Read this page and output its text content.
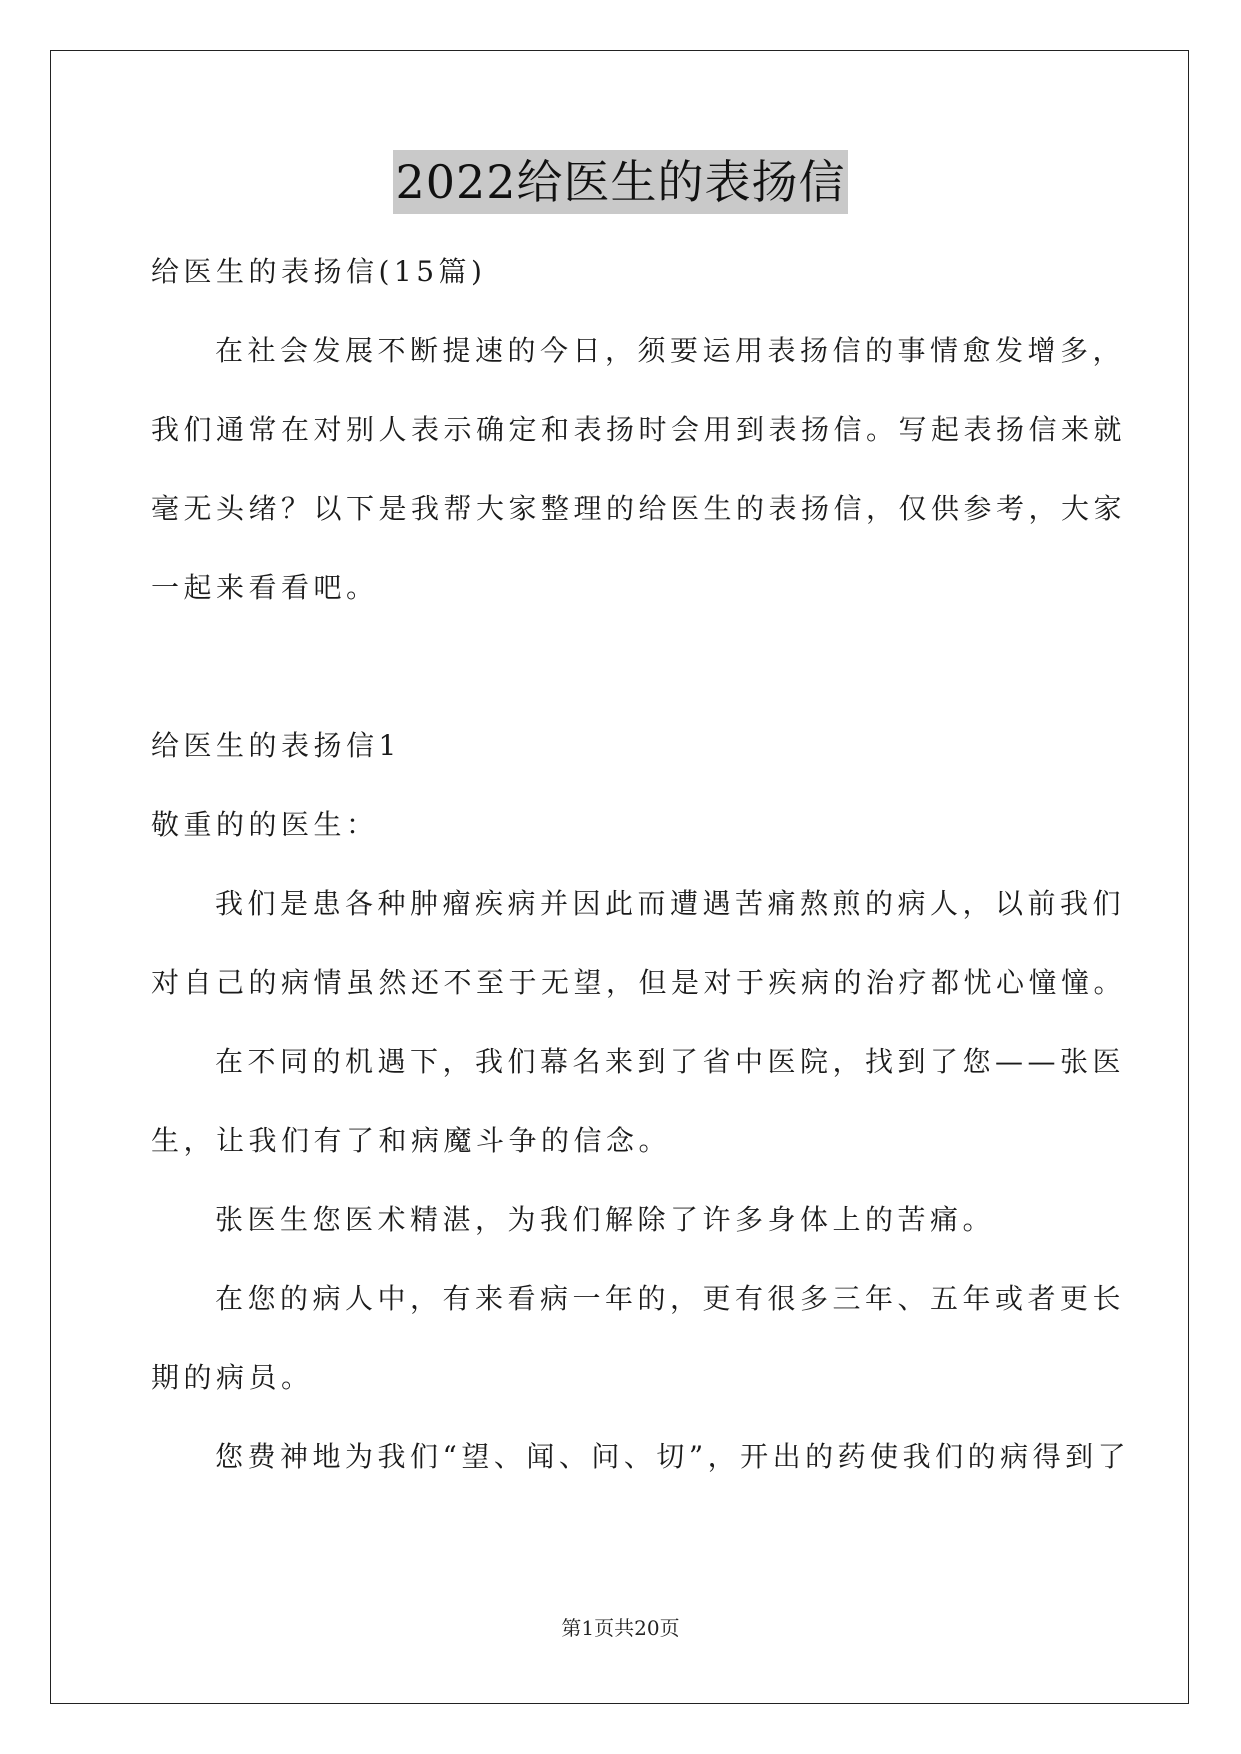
2022给医生的表扬信

给医生的表扬信(15篇)

在社会发展不断提速的今日，须要运用表扬信的事情愈发增多，

我们通常在对别人表示确定和表扬时会用到表扬信。写起表扬信来就

毫无头绪？以下是我帮大家整理的给医生的表扬信，仅供参考，大家

一起来看看吧。

给医生的表扬信1

敬重的的医生：

我们是患各种肿瘤疾病并因此而遭遇苦痛熬煎的病人，以前我们

对自己的病情虽然还不至于无望，但是对于疾病的治疗都忧心憧憧。

在不同的机遇下，我们幕名来到了省中医院，找到了您——张医

生，让我们有了和病魔斗争的信念。

张医生您医术精湛，为我们解除了许多身体上的苦痛。

在您的病人中，有来看病一年的，更有很多三年、五年或者更长

期的病员。

您费神地为我们“望、闻、问、切”，开出的药使我们的病得到了

第1页共20页
